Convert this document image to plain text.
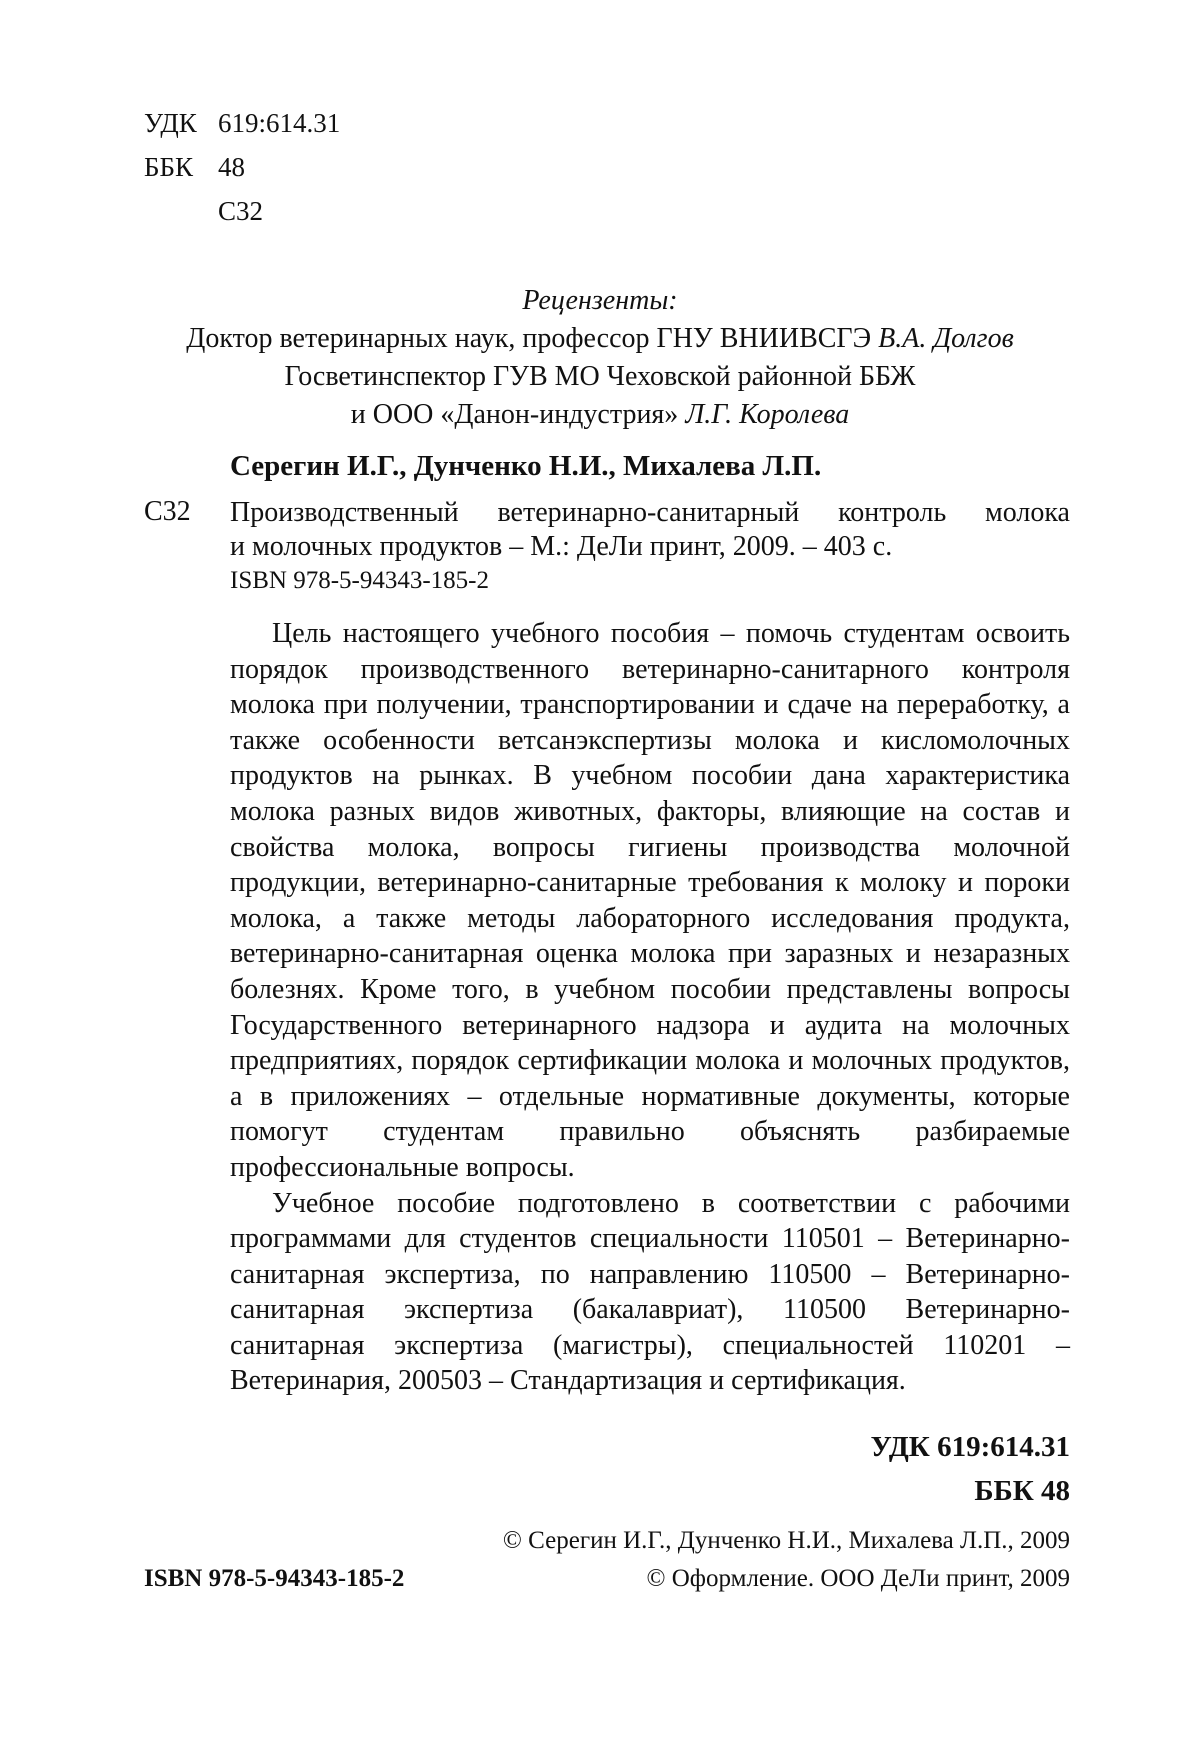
УДК 619:614.31
ББК 48
С32
Рецензенты:
Доктор ветеринарных наук, профессор ГНУ ВНИИВСГЭ В.А. Долгов
Госветинспектор ГУВ МО Чеховской районной ББЖ
и ООО «Данон-индустрия» Л.Г. Королева
Серегин И.Г., Дунченко Н.И., Михалева Л.П.
С32 Производственный ветеринарно-санитарный контроль молока
и молочных продуктов – М.: ДеЛи принт, 2009. – 403 с.
ISBN 978-5-94343-185-2

Цель настоящего учебного пособия – помочь студентам освоить порядок производственного ветеринарно-санитарного контроля молока при получении, транспортировании и сдаче на переработку, а также особенности ветсанэкспертизы молока и кисломолочных продуктов на рынках. В учебном пособии дана характеристика молока разных видов животных, факторы, влияющие на состав и свойства молока, вопросы гигиены производства молочной продукции, ветеринарно-санитарные требования к молоку и пороки молока, а также методы лабораторного исследования продукта, ветеринарно-санитарная оценка молока при заразных и незаразных болезнях. Кроме того, в учебном пособии представлены вопросы Государственного ветеринарного надзора и аудита на молочных предприятиях, порядок сертификации молока и молочных продуктов, а в приложениях – отдельные нормативные документы, которые помогут студентам правильно объяснять разбираемые профессиональные вопросы.

Учебное пособие подготовлено в соответствии с рабочими программами для студентов специальности 110501 – Ветеринарно-санитарная экспертиза, по направлению 110500 – Ветеринарно-санитарная экспертиза (бакалавриат), 110500 Ветеринарно-санитарная экспертиза (магистры), специальностей 110201 – Ветеринария, 200503 – Стандартизация и сертификация.

УДК 619:614.31
ББК 48
© Серегин И.Г., Дунченко Н.И., Михалева Л.П., 2009
© Оформление. ООО ДеЛи принт, 2009
ISBN 978-5-94343-185-2
